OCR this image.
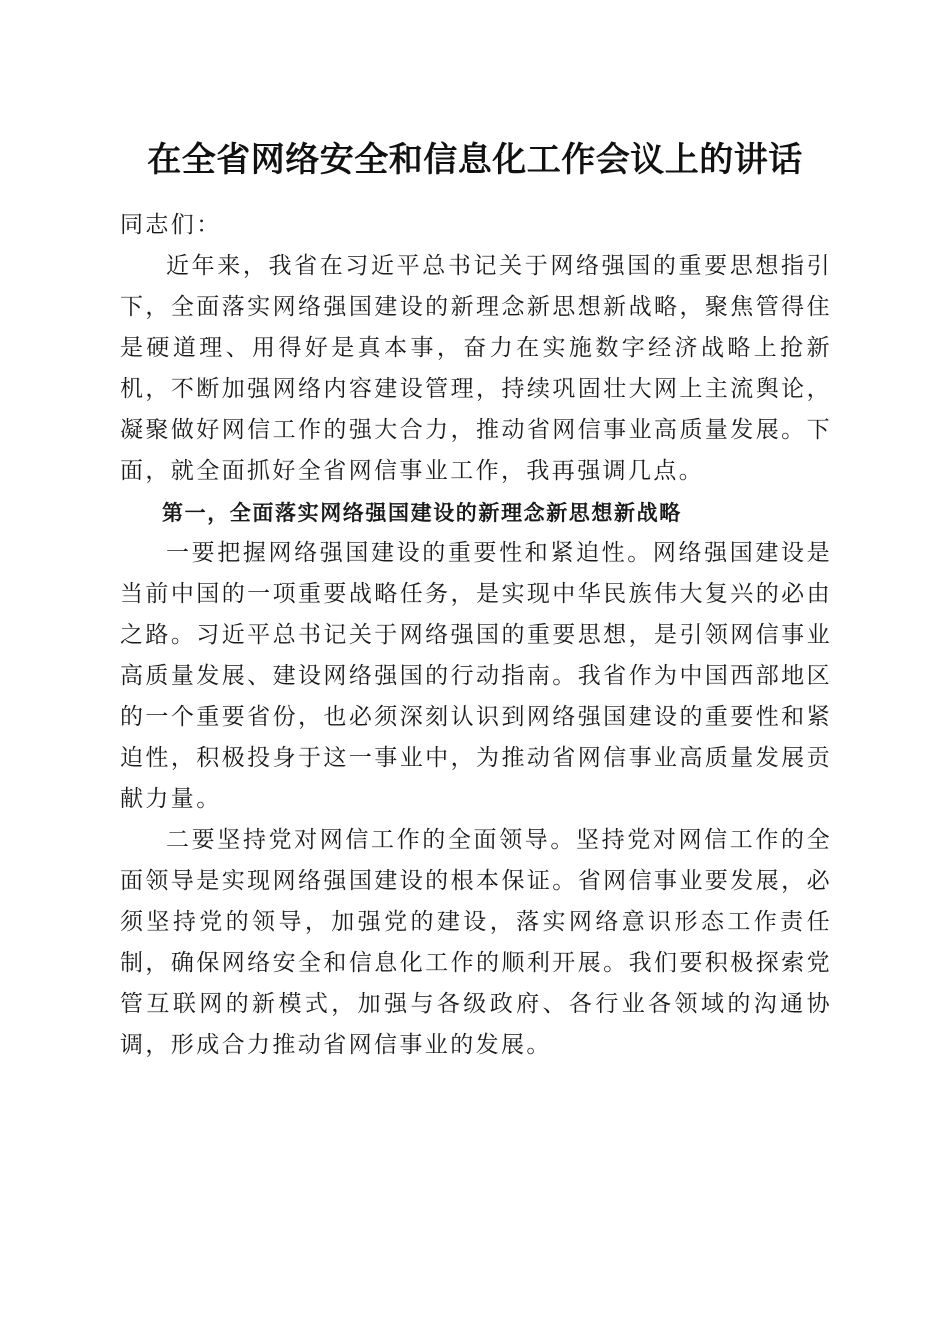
在全省网络安全和信息化工作会议上的讲话

同志们：

近年来，我省在习近平总书记关于网络强国的重要思想指引下，全面落实网络强国建设的新理念新思想新战略，聚焦管得住是硬道理、用得好是真本事，奋力在实施数字经济战略上抢新机，不断加强网络内容建设管理，持续巩固壮大网上主流舆论，凝聚做好网信工作的强大合力，推动省网信事业高质量发展。下面，就全面抓好全省网信事业工作，我再强调几点。

第一，全面落实网络强国建设的新理念新思想新战略

一要把握网络强国建设的重要性和紧迫性。网络强国建设是当前中国的一项重要战略任务，是实现中华民族伟大复兴的必由之路。习近平总书记关于网络强国的重要思想，是引领网信事业高质量发展、建设网络强国的行动指南。我省作为中国西部地区的一个重要省份，也必须深刻认识到网络强国建设的重要性和紧迫性，积极投身于这一事业中，为推动省网信事业高质量发展贡献力量。

二要坚持党对网信工作的全面领导。坚持党对网信工作的全面领导是实现网络强国建设的根本保证。省网信事业要发展，必须坚持党的领导，加强党的建设，落实网络意识形态工作责任制，确保网络安全和信息化工作的顺利开展。我们要积极探索党管互联网的新模式，加强与各级政府、各行业各领域的沟通协调，形成合力推动省网信事业的发展。
